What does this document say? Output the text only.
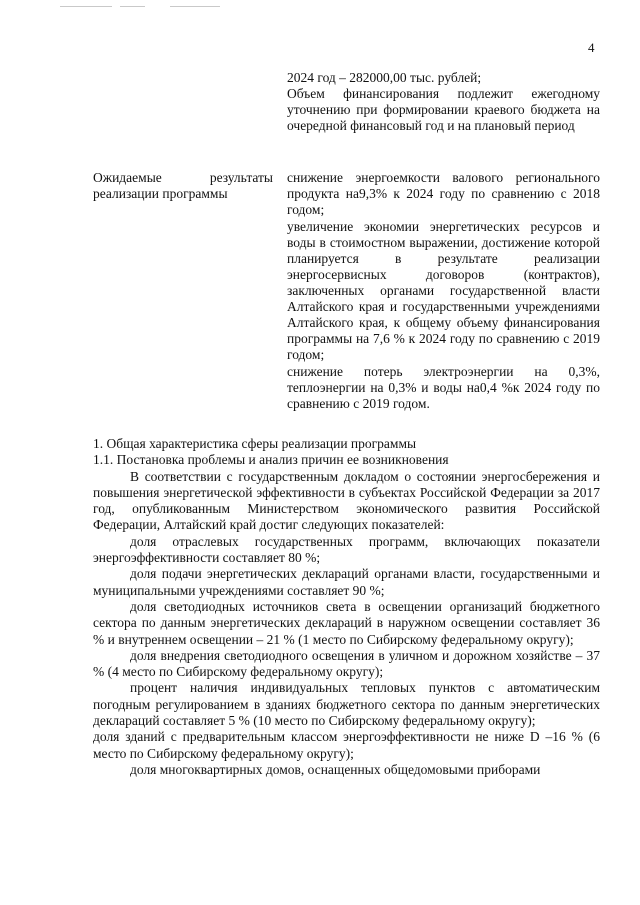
4
2024 год – 282000,00 тыс. рублей;
Объем финансирования подлежит ежегодному уточнению при формировании краевого бюджета на очередной финансовый год и на плановый период
Ожидаемые результаты реализации программы
снижение энергоемкости валового регионального продукта на9,3% к 2024 году по сравнению с 2018 годом;
увеличение экономии энергетических ресурсов и воды в стоимостном выражении, достижение которой планируется в результате реализации энергосервисных договоров (контрактов), заключенных органами государственной власти Алтайского края и государственными учреждениями Алтайского края, к общему объему финансирования программы на 7,6 % к 2024 году по сравнению с 2019 годом;
снижение потерь электроэнергии на 0,3%, теплоэнергии на 0,3% и воды на0,4 %к 2024 году по сравнению с 2019 годом.

1. Общая характеристика сферы реализации программы

1.1. Постановка проблемы и анализ причин ее возникновения

В соответствии с государственным докладом о состоянии энергосбережения и повышения энергетической эффективности в субъектах Российской Федерации за 2017 год, опубликованным Министерством экономического развития Российской Федерации, Алтайский край достиг следующих показателей:

доля отраслевых государственных программ, включающих показатели энергоэффективности составляет 80 %;

доля подачи энергетических деклараций органами власти, государственными и муниципальными учреждениями составляет 90 %;

доля светодиодных источников света в освещении организаций бюджетного сектора по данным энергетических деклараций в наружном освещении составляет 36 % и внутреннем освещении – 21 % (1 место по Сибирскому федеральному округу);

доля внедрения светодиодного освещения в уличном и дорожном хозяйстве – 37 % (4 место по Сибирскому федеральному округу);

процент наличия индивидуальных тепловых пунктов с автоматическим погодным регулированием в зданиях бюджетного сектора по данным энергетических деклараций составляет 5 % (10 место по Сибирскому федеральному округу);

доля зданий с предварительным классом энергоэффективности не ниже D –16 % (6 место по Сибирскому федеральному округу);

доля многоквартирных домов, оснащенных общедомовыми приборами
